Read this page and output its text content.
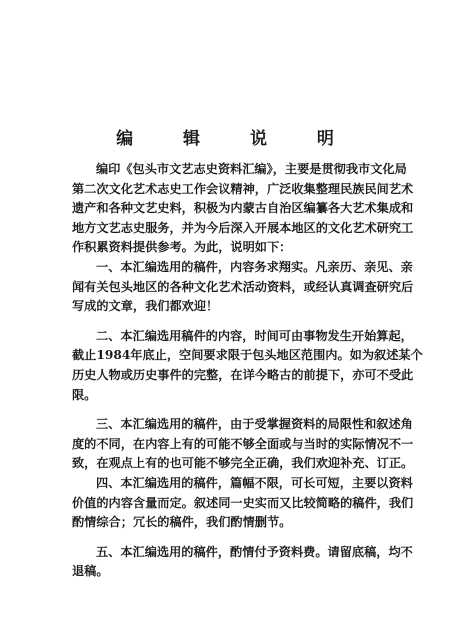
编 辑 说 明
编印《包头市文艺志史资料汇编》，主要是贯彻我市文化局
第二次文化艺术志史工作会议精神，广泛收集整理民族民间艺术
遗产和各种文艺史料，积极为内蒙古自治区编纂各大艺术集成和
地方文艺志史服务，并为今后深入开展本地区的文化艺术研究工
作积累资料提供参考。为此，说明如下：
一、本汇编选用的稿件，内容务求翔实。凡亲历、亲见、亲
闻有关包头地区的各种文化艺术活动资料，或经认真调查研究后
写成的文章，我们都欢迎！
二、本汇编选用稿件的内容，时间可由事物发生开始算起，
截止1984年底止，空间要求限于包头地区范围内。如为叙述某个
历史人物或历史事件的完整，在详今略古的前提下，亦可不受此
限。
三、本汇编选用的稿件，由于受掌握资料的局限性和叙述角
度的不同，在内容上有的可能不够全面或与当时的实际情况不一
致，在观点上有的也可能不够完全正确，我们欢迎补充、订正。
四、本汇编选用的稿件，篇幅不限，可长可短，主要以资料
价值的内容含量而定。叙述同一史实而又比较简略的稿件，我们
酌情综合；冗长的稿件，我们酌情删节。
五、本汇编选用的稿件，酌情付予资料费。请留底稿，均不
退稿。
